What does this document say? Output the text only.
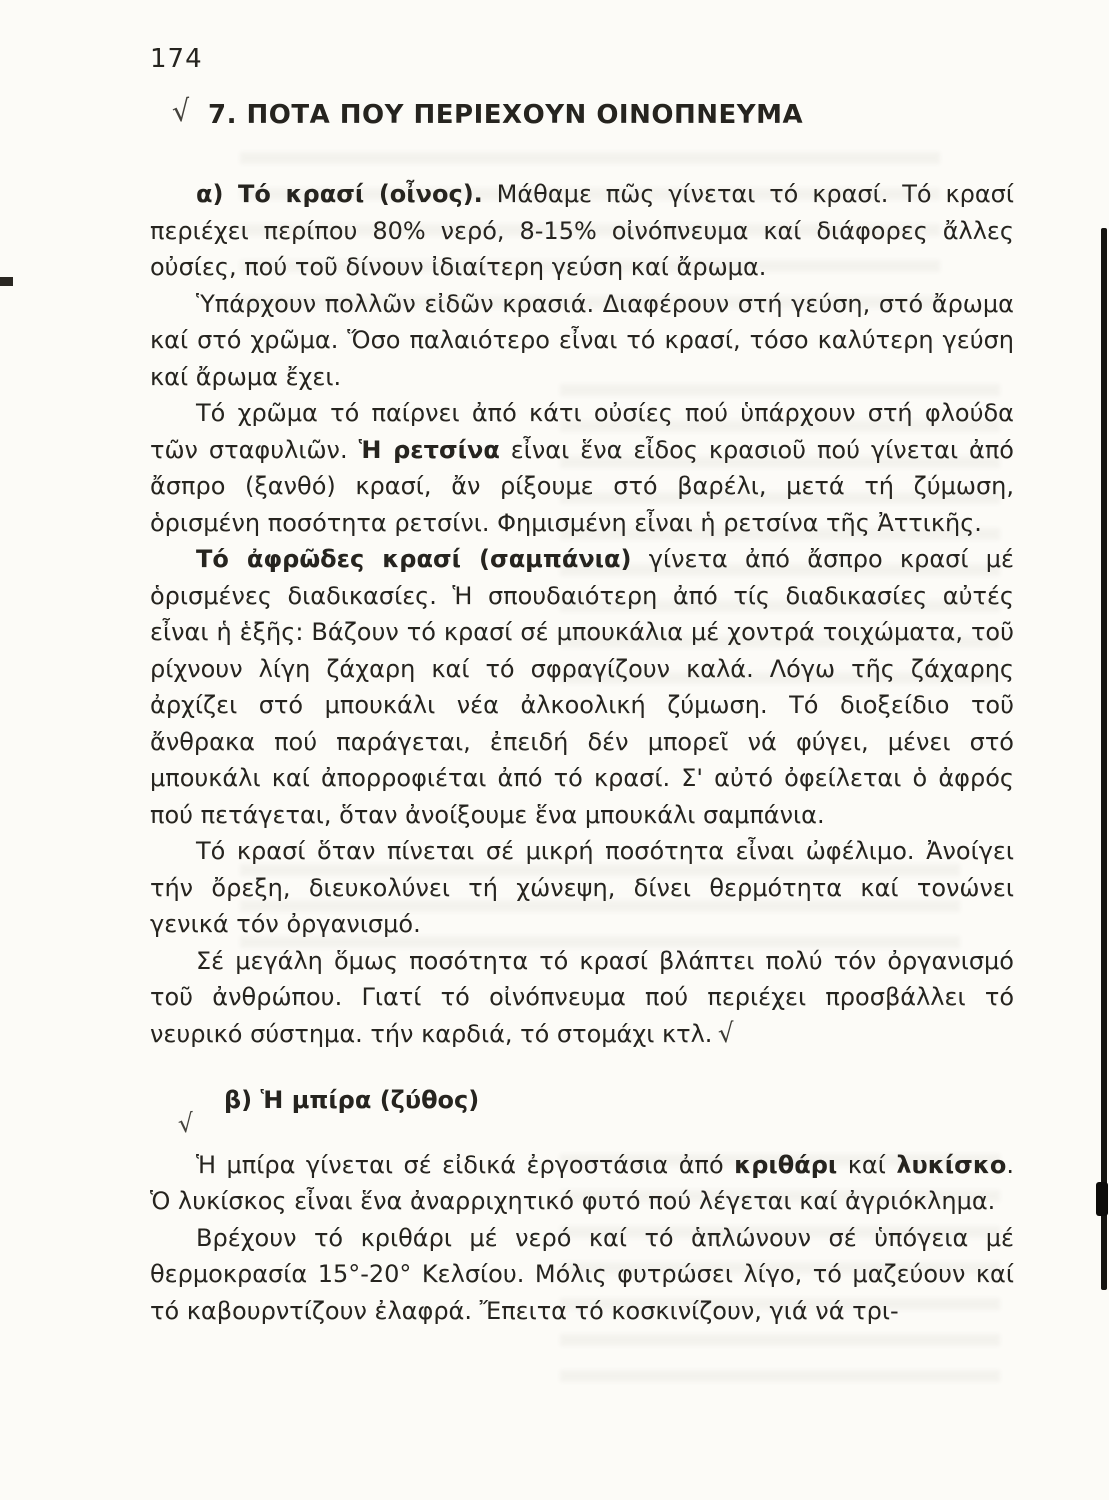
174
√ 7. ΠΟΤΑ ΠΟΥ ΠΕΡΙΕΧΟΥΝ ΟΙΝΟΠΝΕΥΜΑ

α) Τό κρασί (οἶνος). Μάθαμε πῶς γίνεται τό κρασί. Τό κρασί περιέχει περίπου 80% νερό, 8-15% οἰνόπνευμα καί διάφορες ἄλλες οὐσίες, πού τοῦ δίνουν ἰδιαίτερη γεύση καί ἄρωμα.

Ὑπάρχουν πολλῶν εἰδῶν κρασιά. Διαφέρουν στή γεύση, στό ἄρωμα καί στό χρῶμα. Ὅσο παλαιότερο εἶναι τό κρασί, τόσο καλύτερη γεύση καί ἄρωμα ἔχει.

Τό χρῶμα τό παίρνει ἀπό κάτι οὐσίες πού ὑπάρχουν στή φλούδα τῶν σταφυλιῶν. Ἡ ρετσίνα εἶναι ἕνα εἶδος κρασιοῦ πού γίνεται ἀπό ἄσπρο (ξανθό) κρασί, ἄν ρίξουμε στό βαρέλι, μετά τή ζύμωση, ὁρισμένη ποσότητα ρετσίνι. Φημισμένη εἶναι ἡ ρετσίνα τῆς Ἀττικῆς.

Τό ἀφρῶδες κρασί (σαμπάνια) γίνετα ἀπό ἄσπρο κρασί μέ ὁρισμένες διαδικασίες. Ἡ σπουδαιότερη ἀπό τίς διαδικασίες αὐτές εἶναι ἡ ἑξῆς: Βάζουν τό κρασί σέ μπουκάλια μέ χοντρά τοιχώματα, τοῦ ρίχνουν λίγη ζάχαρη καί τό σφραγίζουν καλά. Λόγω τῆς ζάχαρης ἀρχίζει στό μπουκάλι νέα ἀλκοολική ζύμωση. Τό διοξείδιο τοῦ ἄνθρακα πού παράγεται, ἐπειδή δέν μπορεῖ νά φύγει, μένει στό μπουκάλι καί ἀπορροφιέται ἀπό τό κρασί. Σ' αὐτό ὀφείλεται ὁ ἀφρός πού πετάγεται, ὅταν ἀνοίξουμε ἕνα μπουκάλι σαμπάνια.

Τό κρασί ὅταν πίνεται σέ μικρή ποσότητα εἶναι ὠφέλιμο. Ἀνοίγει τήν ὄρεξη, διευκολύνει τή χώνεψη, δίνει θερμότητα καί τονώνει γενικά τόν ὀργανισμό.

Σέ μεγάλη ὅμως ποσότητα τό κρασί βλάπτει πολύ τόν ὀργανισμό τοῦ ἀνθρώπου. Γιατί τό οἰνόπνευμα πού περιέχει προσβάλλει τό νευρικό σύστημα. τήν καρδιά, τό στομάχι κτλ. √

√
β) Ἡ μπίρα (ζύθος)

Ἡ μπίρα γίνεται σέ εἰδικά ἐργοστάσια ἀπό κριθάρι καί λυκίσκο. Ὁ λυκίσκος εἶναι ἕνα ἀναρριχητικό φυτό πού λέγεται καί ἀγριόκλημα.

Βρέχουν τό κριθάρι μέ νερό καί τό ἁπλώνουν σέ ὑπόγεια μέ θερμοκρασία 15°-20° Κελσίου. Μόλις φυτρώσει λίγο, τό μαζεύουν καί τό καβουρντίζουν ἐλαφρά. Ἔπειτα τό κοσκινίζουν, γιά νά τρι-
